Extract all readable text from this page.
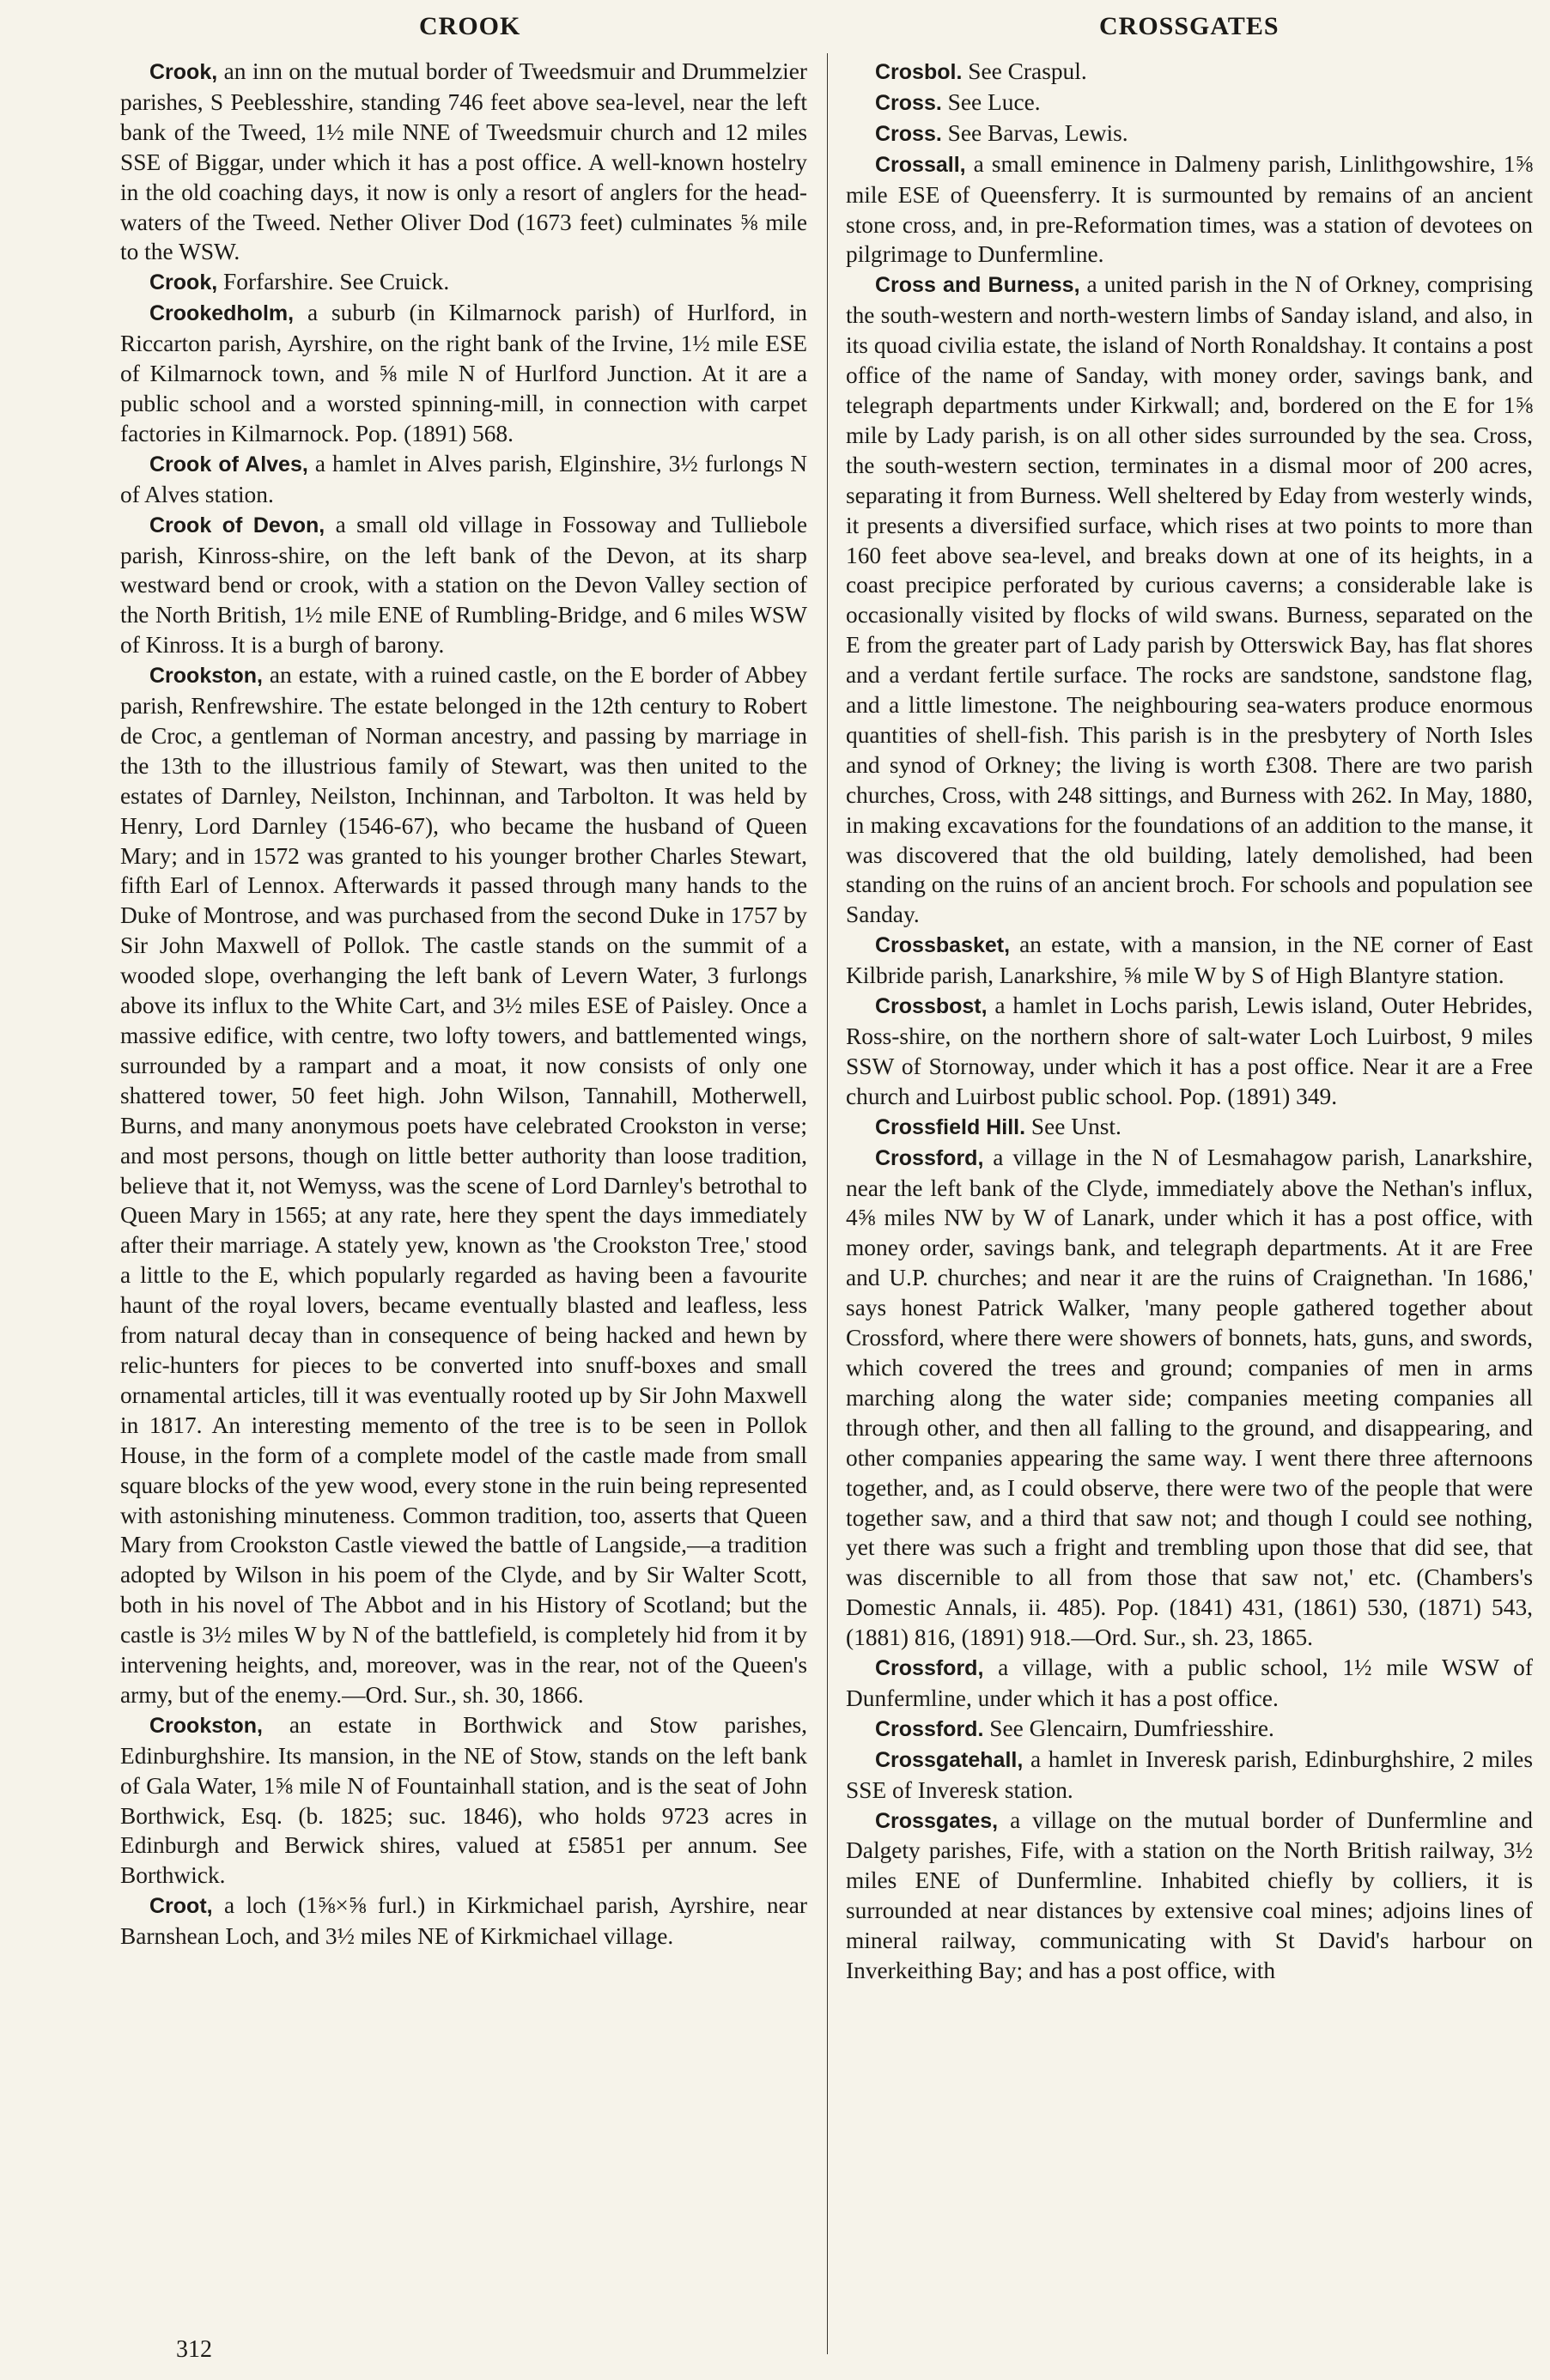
CROOK	CROSSGATES

Crook, an inn on the mutual border of Tweedsmuir and Drummelzier parishes, S Peeblesshire, standing 746 feet above sea-level, near the left bank of the Tweed, 1½ mile NNE of Tweedsmuir church and 12 miles SSE of Biggar, under which it has a post office. A well-known hostelry in the old coaching days, it now is only a resort of anglers for the head-waters of the Tweed. Nether Oliver Dod (1673 feet) culminates ⅝ mile to the WSW.

Crook, Forfarshire. See Cruick.

Crookedholm, a suburb (in Kilmarnock parish) of Hurlford, in Riccarton parish, Ayrshire, on the right bank of the Irvine, 1½ mile ESE of Kilmarnock town, and ⅝ mile N of Hurlford Junction. At it are a public school and a worsted spinning-mill, in connection with carpet factories in Kilmarnock. Pop. (1891) 568.

Crook of Alves, a hamlet in Alves parish, Elginshire, 3½ furlongs N of Alves station.

Crook of Devon, a small old village in Fossoway and Tulliebole parish, Kinross-shire, on the left bank of the Devon, at its sharp westward bend or crook, with a station on the Devon Valley section of the North British, 1½ mile ENE of Rumbling-Bridge, and 6 miles WSW of Kinross. It is a burgh of barony.

Crookston, an estate, with a ruined castle, on the E border of Abbey parish, Renfrewshire. The estate belonged in the 12th century to Robert de Croc, a gentleman of Norman ancestry, and passing by marriage in the 13th to the illustrious family of Stewart, was then united to the estates of Darnley, Neilston, Inchinnan, and Tarbolton. It was held by Henry, Lord Darnley (1546-67), who became the husband of Queen Mary; and in 1572 was granted to his younger brother Charles Stewart, fifth Earl of Lennox. Afterwards it passed through many hands to the Duke of Montrose, and was purchased from the second Duke in 1757 by Sir John Maxwell of Pollok. The castle stands on the summit of a wooded slope, overhanging the left bank of Levern Water, 3 furlongs above its influx to the White Cart, and 3½ miles ESE of Paisley. Once a massive edifice, with centre, two lofty towers, and battlemented wings, surrounded by a rampart and a moat, it now consists of only one shattered tower, 50 feet high. John Wilson, Tannahill, Motherwell, Burns, and many anonymous poets have celebrated Crookston in verse; and most persons, though on little better authority than loose tradition, believe that it, not Wemyss, was the scene of Lord Darnley's betrothal to Queen Mary in 1565; at any rate, here they spent the days immediately after their marriage. A stately yew, known as 'the Crookston Tree,' stood a little to the E, which popularly regarded as having been a favourite haunt of the royal lovers, became eventually blasted and leafless, less from natural decay than in consequence of being hacked and hewn by relic-hunters for pieces to be converted into snuff-boxes and small ornamental articles, till it was eventually rooted up by Sir John Maxwell in 1817. An interesting memento of the tree is to be seen in Pollok House, in the form of a complete model of the castle made from small square blocks of the yew wood, every stone in the ruin being represented with astonishing minuteness. Common tradition, too, asserts that Queen Mary from Crookston Castle viewed the battle of Langside,—a tradition adopted by Wilson in his poem of the Clyde, and by Sir Walter Scott, both in his novel of The Abbot and in his History of Scotland; but the castle is 3½ miles W by N of the battlefield, is completely hid from it by intervening heights, and, moreover, was in the rear, not of the Queen's army, but of the enemy.—Ord. Sur., sh. 30, 1866.

Crookston, an estate in Borthwick and Stow parishes, Edinburghshire. Its mansion, in the NE of Stow, stands on the left bank of Gala Water, 1⅝ mile N of Fountainhall station, and is the seat of John Borthwick, Esq. (b. 1825; suc. 1846), who holds 9723 acres in Edinburgh and Berwick shires, valued at £5851 per annum. See Borthwick.

Croot, a loch (1⅝×⅝ furl.) in Kirkmichael parish, Ayrshire, near Barnshean Loch, and 3½ miles NE of Kirkmichael village.

Crosbol. See Craspul.

Cross. See Luce.

Cross. See Barvas, Lewis.

Crossall, a small eminence in Dalmeny parish, Linlithgowshire, 1⅝ mile ESE of Queensferry. It is surmounted by remains of an ancient stone cross, and, in pre-Reformation times, was a station of devotees on pilgrimage to Dunfermline.

Cross and Burness, a united parish in the N of Orkney, comprising the south-western and north-western limbs of Sanday island, and also, in its quoad civilia estate, the island of North Ronaldshay. It contains a post office of the name of Sanday, with money order, savings bank, and telegraph departments under Kirkwall; and, bordered on the E for 1⅝ mile by Lady parish, is on all other sides surrounded by the sea. Cross, the south-western section, terminates in a dismal moor of 200 acres, separating it from Burness. Well sheltered by Eday from westerly winds, it presents a diversified surface, which rises at two points to more than 160 feet above sea-level, and breaks down at one of its heights, in a coast precipice perforated by curious caverns; a considerable lake is occasionally visited by flocks of wild swans. Burness, separated on the E from the greater part of Lady parish by Otterswick Bay, has flat shores and a verdant fertile surface. The rocks are sandstone, sandstone flag, and a little limestone. The neighbouring sea-waters produce enormous quantities of shell-fish. This parish is in the presbytery of North Isles and synod of Orkney; the living is worth £308. There are two parish churches, Cross, with 248 sittings, and Burness with 262. In May, 1880, in making excavations for the foundations of an addition to the manse, it was discovered that the old building, lately demolished, had been standing on the ruins of an ancient broch. For schools and population see Sanday.

Crossbasket, an estate, with a mansion, in the NE corner of East Kilbride parish, Lanarkshire, ⅝ mile W by S of High Blantyre station.

Crossbost, a hamlet in Lochs parish, Lewis island, Outer Hebrides, Ross-shire, on the northern shore of salt-water Loch Luirbost, 9 miles SSW of Stornoway, under which it has a post office. Near it are a Free church and Luirbost public school. Pop. (1891) 349.

Crossfield Hill. See Unst.

Crossford, a village in the N of Lesmahagow parish, Lanarkshire, near the left bank of the Clyde, immediately above the Nethan's influx, 4⅝ miles NW by W of Lanark, under which it has a post office, with money order, savings bank, and telegraph departments. At it are Free and U.P. churches; and near it are the ruins of Craignethan. 'In 1686,' says honest Patrick Walker, 'many people gathered together about Crossford, where there were showers of bonnets, hats, guns, and swords, which covered the trees and ground; companies of men in arms marching along the water side; companies meeting companies all through other, and then all falling to the ground, and disappearing, and other companies appearing the same way. I went there three afternoons together, and, as I could observe, there were two of the people that were together saw, and a third that saw not; and though I could see nothing, yet there was such a fright and trembling upon those that did see, that was discernible to all from those that saw not,' etc. (Chambers's Domestic Annals, ii. 485). Pop. (1841) 431, (1861) 530, (1871) 543, (1881) 816, (1891) 918.—Ord. Sur., sh. 23, 1865.

Crossford, a village, with a public school, 1½ mile WSW of Dunfermline, under which it has a post office.

Crossford. See Glencairn, Dumfriesshire.

Crossgatehall, a hamlet in Inveresk parish, Edinburghshire, 2 miles SSE of Inveresk station.

Crossgates, a village on the mutual border of Dunfermline and Dalgety parishes, Fife, with a station on the North British railway, 3½ miles ENE of Dunfermline. Inhabited chiefly by colliers, it is surrounded at near distances by extensive coal mines; adjoins lines of mineral railway, communicating with St David's harbour on Inverkeithing Bay; and has a post office, with

312
